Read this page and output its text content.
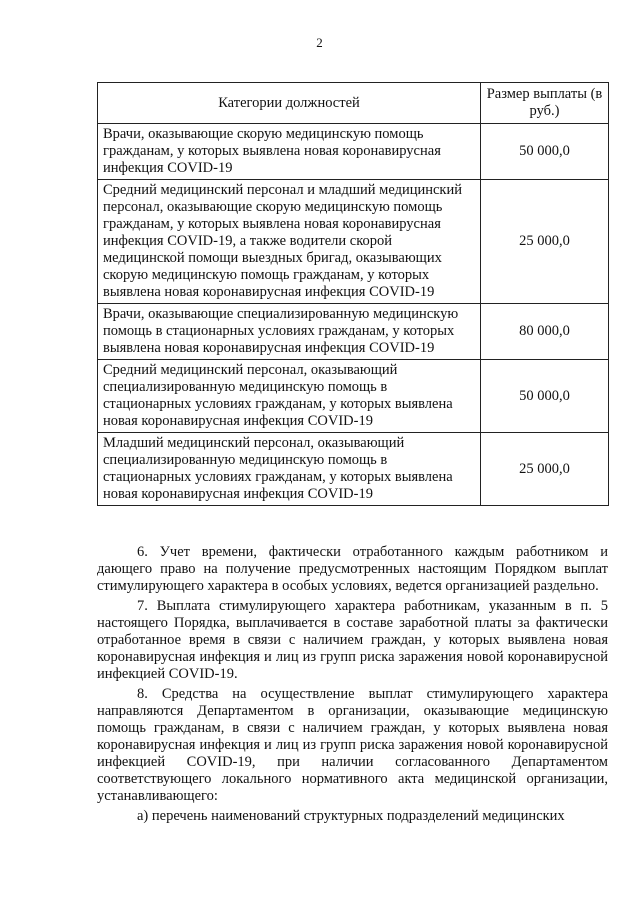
2
Категории должностей	Размер выплаты (в руб.)
Врачи, оказывающие скорую медицинскую помощь гражданам, у которых выявлена новая коронавирусная инфекция COVID-19	50 000,0
Средний медицинский персонал и младший медицинский персонал, оказывающие скорую медицинскую помощь гражданам, у которых выявлена новая коронавирусная инфекция COVID-19, а также водители скорой медицинской помощи выездных бригад, оказывающих скорую медицинскую помощь гражданам, у которых выявлена новая коронавирусная инфекция COVID-19	25 000,0
Врачи, оказывающие специализированную медицинскую помощь в стационарных условиях гражданам, у которых выявлена новая коронавирусная инфекция COVID-19	80 000,0
Средний медицинский персонал, оказывающий специализированную медицинскую помощь в стационарных условиях гражданам, у которых выявлена новая коронавирусная инфекция COVID-19	50 000,0
Младший медицинский персонал, оказывающий специализированную медицинскую помощь в стационарных условиях гражданам, у которых выявлена новая коронавирусная инфекция COVID-19	25 000,0

6. Учет времени, фактически отработанного каждым работником и дающего право на получение предусмотренных настоящим Порядком выплат стимулирующего характера в особых условиях, ведется организацией раздельно.

7. Выплата стимулирующего характера работникам, указанным в п. 5 настоящего Порядка, выплачивается в составе заработной платы за фактически отработанное время в связи с наличием граждан, у которых выявлена новая коронавирусная инфекция и лиц из групп риска заражения новой коронавирусной инфекцией COVID-19.

8. Средства на осуществление выплат стимулирующего характера направляются Департаментом в организации, оказывающие медицинскую помощь гражданам, в связи с наличием граждан, у которых выявлена новая коронавирусная инфекция и лиц из групп риска заражения новой коронавирусной инфекцией COVID-19, при наличии согласованного Департаментом соответствующего локального нормативного акта медицинской организации, устанавливающего:

а) перечень наименований структурных подразделений медицинских
